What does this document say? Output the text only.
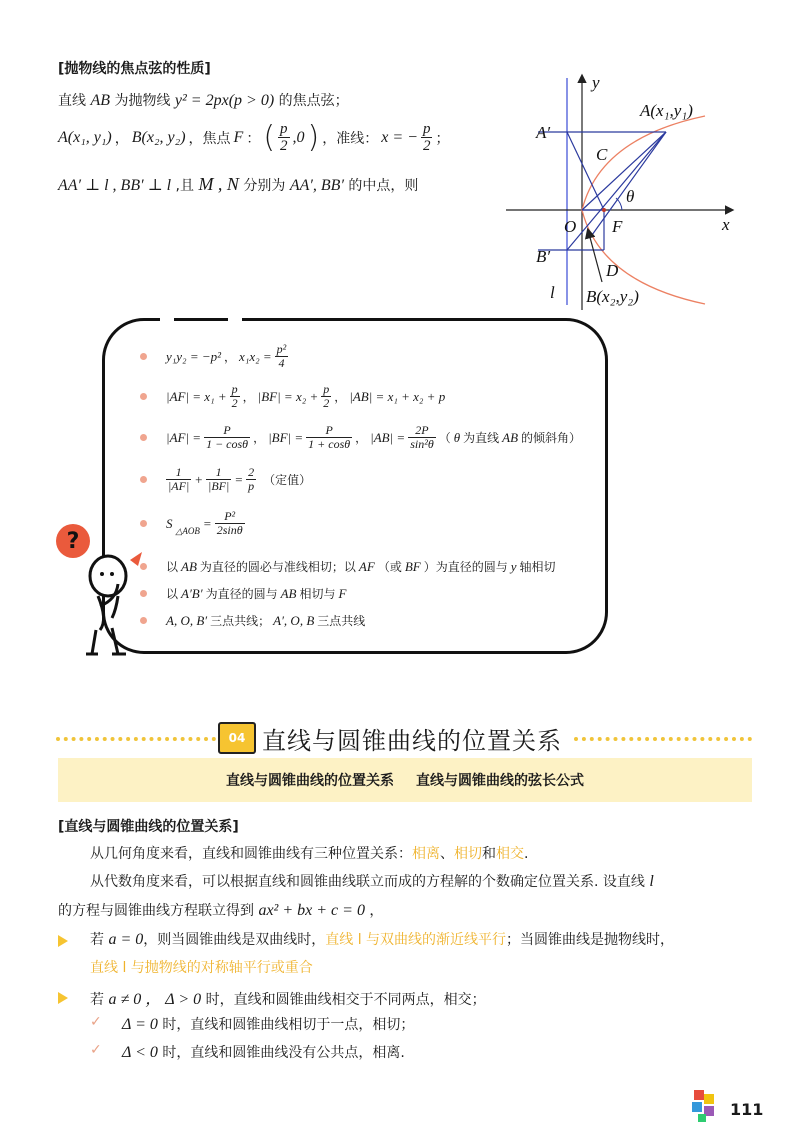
[抛物线的焦点弦的性质]
直线 AB 为抛物线 y² = 2px(p > 0) 的焦点弦；
A(x₁, y₁) ， B(x₂, y₂) ，焦点 F ： ( $\frac{p}{2} ,0$ ) ，准线： x = − $\frac{p}{2}$ ；
AA′ ⊥ l , BB′ ⊥ l ,且 M , N 分别为 AA′, BB′ 的中点，则
y
x
A(x₁,y₁)
A′
C
θ
O F
B′
D
l B(x₂,y₂)
?
y₁y₂ = −p² ， $x_1x_2 = \frac{\text{p²}}{4}$
$|AF| = x_1 + \frac{p}{2}$ ， $|BF| = x_2 + \frac{p}{2}$ ， |AB| = x₁ + x₂ + p
$|AF| = \frac{P}{1 - \cos\theta}$ ， $|BF| = \frac{P}{1 + \cos\theta}$ ， $|AB| = \frac{2P}{\text{sin²θ}}$ （ θ 为直线 AB 的倾斜角）
$\frac{1}{|AF|} + \frac{1}{|BF|} = \frac{2}{p}$ （定值）
S
△AOB
= $\frac{\text{P²}}{2\sin\theta}$
以 AB 为直径的圆必与准线相切；以 AF （或 BF ）为直径的圆与 y 轴相切
以 A′B′ 为直径的圆与 AB 相切与 F
A, O, B′ 三点共线； A′, O, B 三点共线
04 直线与圆锥曲线的位置关系
直线与圆锥曲线的位置关系 直线与圆锥曲线的弦长公式
[直线与圆锥曲线的位置关系]
从几何角度来看，直线和圆锥曲线有三种位置关系：相离、相切和相交.
从代数角度来看，可以根据直线和圆锥曲线联立而成的方程解的个数确定位置关系. 设直线 l
的方程与圆锥曲线方程联立得到 ax² + bx + c = 0 ，
若 a = 0，则当圆锥曲线是双曲线时，直线 l 与双曲线的渐近线平行；当圆锥曲线是抛物线时，
直线 l 与抛物线的对称轴平行或重合
若 a ≠ 0 ， Δ > 0 时，直线和圆锥曲线相交于不同两点，相交；
✓ Δ = 0 时，直线和圆锥曲线相切于一点，相切；
✓ Δ < 0 时，直线和圆锥曲线没有公共点，相离.
111
